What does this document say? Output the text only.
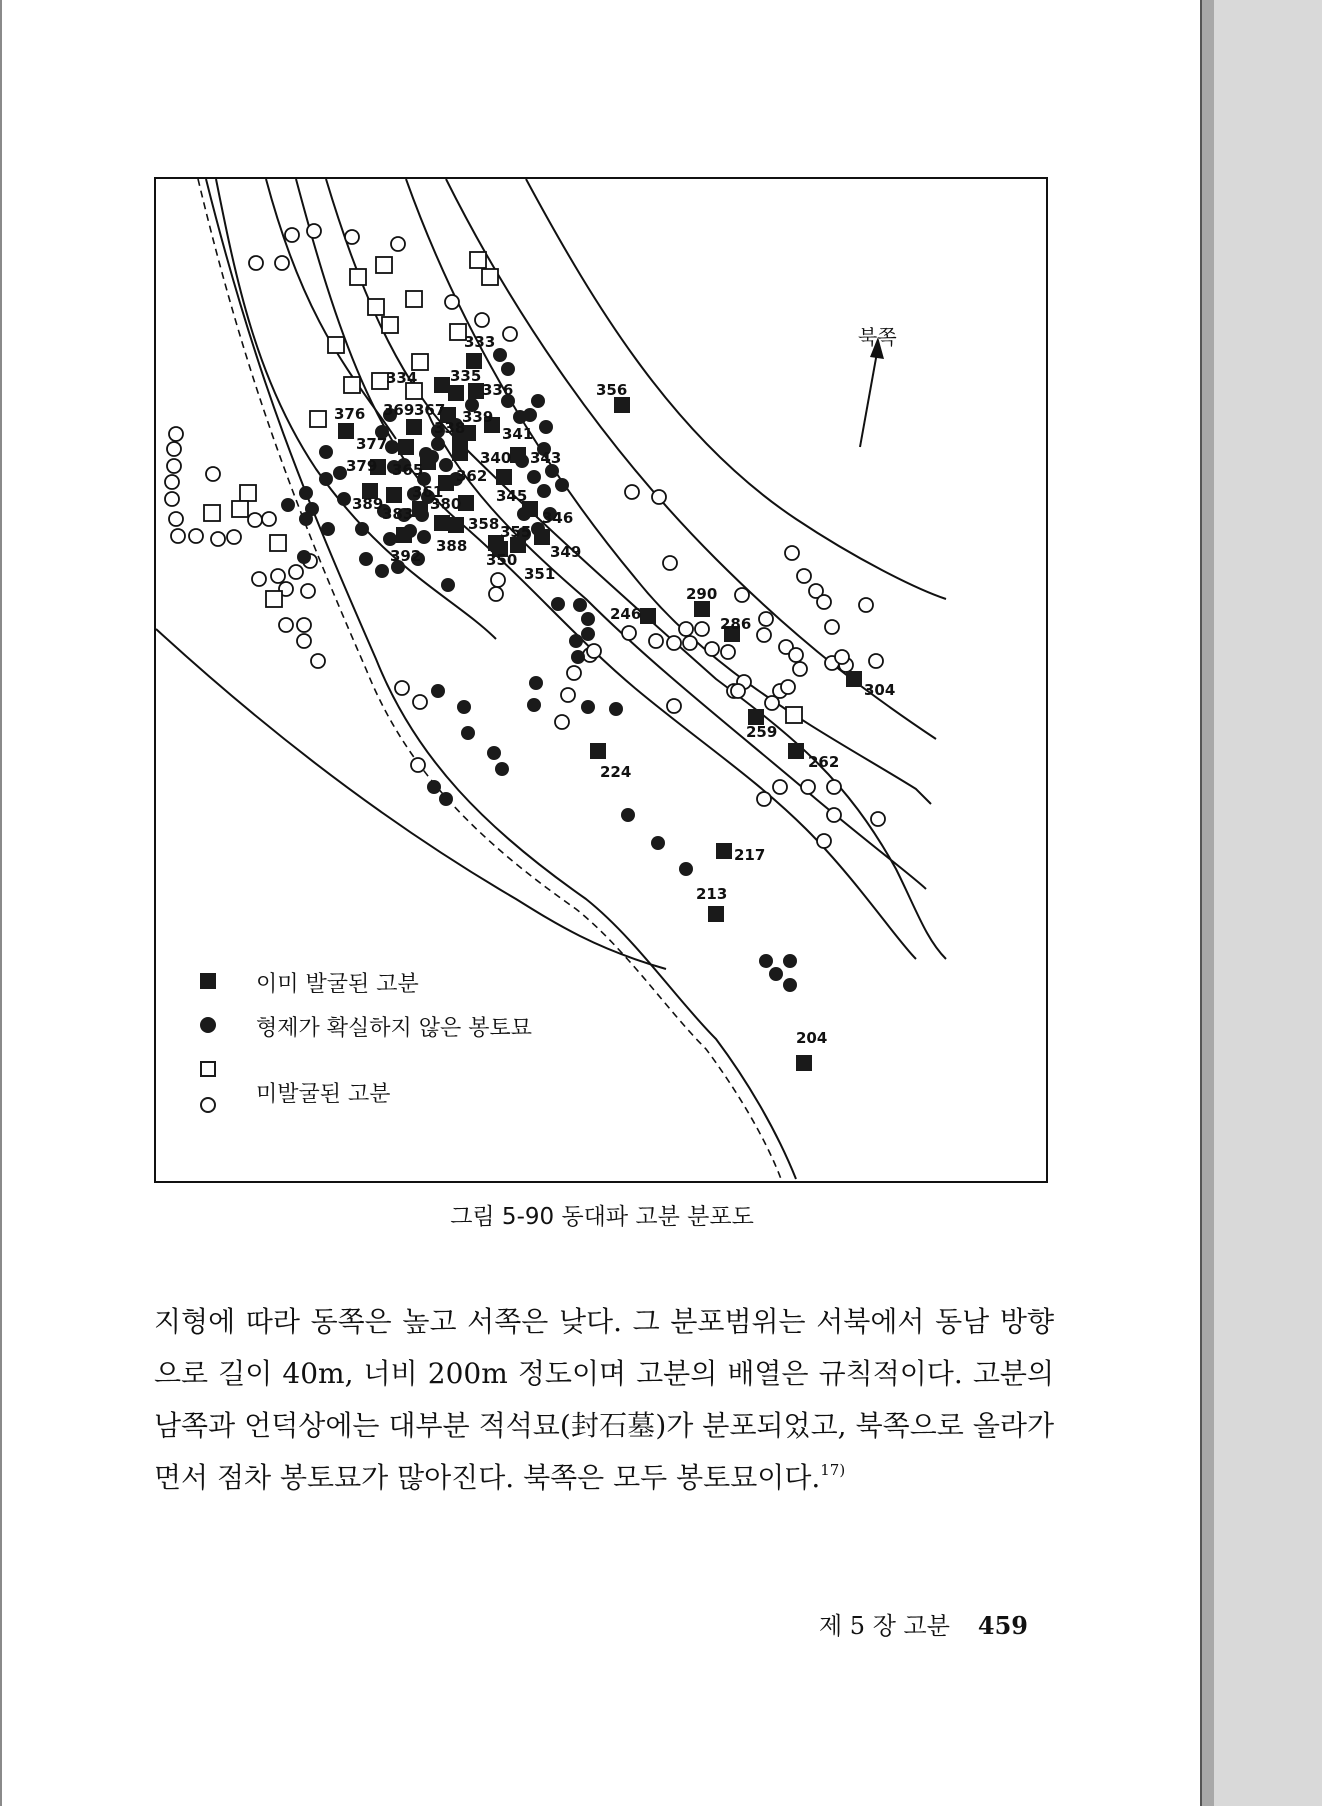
333
334 335
336	356
376 369 367 339
338 341
377
343
340
379 365 362
361	345
389	380
383	346
358 355
392
388	349
351
350
246
290
286
304
259
262
224
217
213
204
북쪽
이미 발굴된 고분
형제가 확실하지 않은 봉토묘
미발굴된 고분
그림 5-90 동대파 고분 분포도
지형에 따라 동쪽은 높고 서쪽은 낮다. 그 분포범위는 서북에서 동남 방향으로 길이 40m, 너비 200m 정도이며 고분의 배열은 규칙적이다. 고분의 남쪽과 언덕상에는 대부분 적석묘(封石墓)가 분포되었고, 북쪽으로 올라가면서 점차 봉토묘가 많아진다. 북쪽은 모두 봉토묘이다.$^{17)}$
제 5 장 고분 459
